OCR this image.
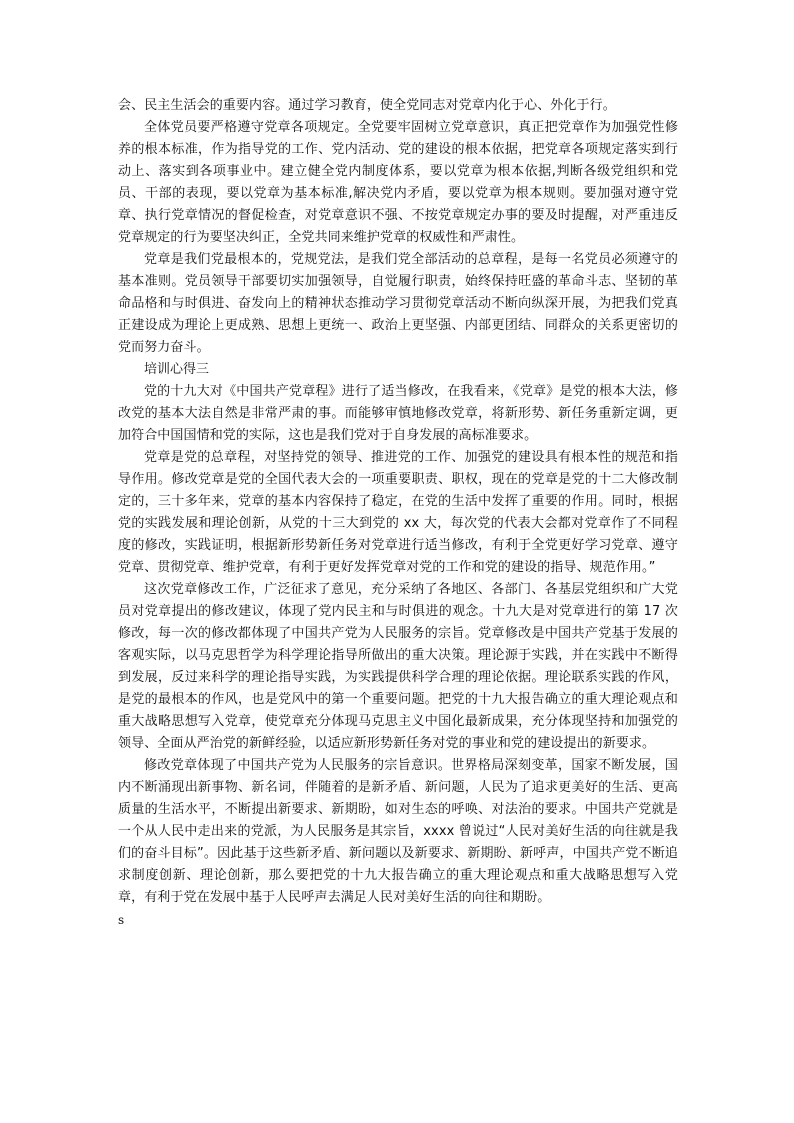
会、民主生活会的重要内容。通过学习教育，使全党同志对党章内化于心、外化于行。

全体党员要严格遵守党章各项规定。全党要牢固树立党章意识，真正把党章作为加强党性修养的根本标准，作为指导党的工作、党内活动、党的建设的根本依据，把党章各项规定落实到行动上、落实到各项事业中。建立健全党内制度体系，要以党章为根本依据,判断各级党组织和党员、干部的表现，要以党章为基本标准,解决党内矛盾，要以党章为根本规则。要加强对遵守党章、执行党章情况的督促检查，对党章意识不强、不按党章规定办事的要及时提醒，对严重违反党章规定的行为要坚决纠正，全党共同来维护党章的权威性和严肃性。

党章是我们党最根本的，党规党法，是我们党全部活动的总章程，是每一名党员必须遵守的基本准则。党员领导干部要切实加强领导，自觉履行职责，始终保持旺盛的革命斗志、坚韧的革命品格和与时俱进、奋发向上的精神状态推动学习贯彻党章活动不断向纵深开展，为把我们党真正建设成为理论上更成熟、思想上更统一、政治上更坚强、内部更团结、同群众的关系更密切的党而努力奋斗。

培训心得三

党的十九大对《中国共产党章程》进行了适当修改，在我看来，《党章》是党的根本大法，修改党的基本大法自然是非常严肃的事。而能够审慎地修改党章，将新形势、新任务重新定调，更加符合中国国情和党的实际，这也是我们党对于自身发展的高标准要求。

党章是党的总章程，对坚持党的领导、推进党的工作、加强党的建设具有根本性的规范和指导作用。修改党章是党的全国代表大会的一项重要职责、职权，现在的党章是党的十二大修改制定的，三十多年来，党章的基本内容保持了稳定，在党的生活中发挥了重要的作用。同时，根据党的实践发展和理论创新，从党的十三大到党的 xx 大，每次党的代表大会都对党章作了不同程度的修改，实践证明，根据新形势新任务对党章进行适当修改，有利于全党更好学习党章、遵守党章、贯彻党章、维护党章，有利于更好发挥党章对党的工作和党的建设的指导、规范作用。”

这次党章修改工作，广泛征求了意见，充分采纳了各地区、各部门、各基层党组织和广大党员对党章提出的修改建议，体现了党内民主和与时俱进的观念。十九大是对党章进行的第 17 次修改，每一次的修改都体现了中国共产党为人民服务的宗旨。党章修改是中国共产党基于发展的客观实际，以马克思哲学为科学理论指导所做出的重大决策。理论源于实践，并在实践中不断得到发展，反过来科学的理论指导实践，为实践提供科学合理的理论依据。理论联系实践的作风，是党的最根本的作风，也是党风中的第一个重要问题。把党的十九大报告确立的重大理论观点和重大战略思想写入党章，使党章充分体现马克思主义中国化最新成果，充分体现坚持和加强党的领导、全面从严治党的新鲜经验，以适应新形势新任务对党的事业和党的建设提出的新要求。

修改党章体现了中国共产党为人民服务的宗旨意识。世界格局深刻变革，国家不断发展，国内不断涌现出新事物、新名词，伴随着的是新矛盾、新问题，人民为了追求更美好的生活、更高质量的生活水平，不断提出新要求、新期盼，如对生态的呼唤、对法治的要求。中国共产党就是一个从人民中走出来的党派，为人民服务是其宗旨，xxxx 曾说过“人民对美好生活的向往就是我们的奋斗目标”。因此基于这些新矛盾、新问题以及新要求、新期盼、新呼声，中国共产党不断追求制度创新、理论创新，那么要把党的十九大报告确立的重大理论观点和重大战略思想写入党章，有利于党在发展中基于人民呼声去满足人民对美好生活的向往和期盼。

s
